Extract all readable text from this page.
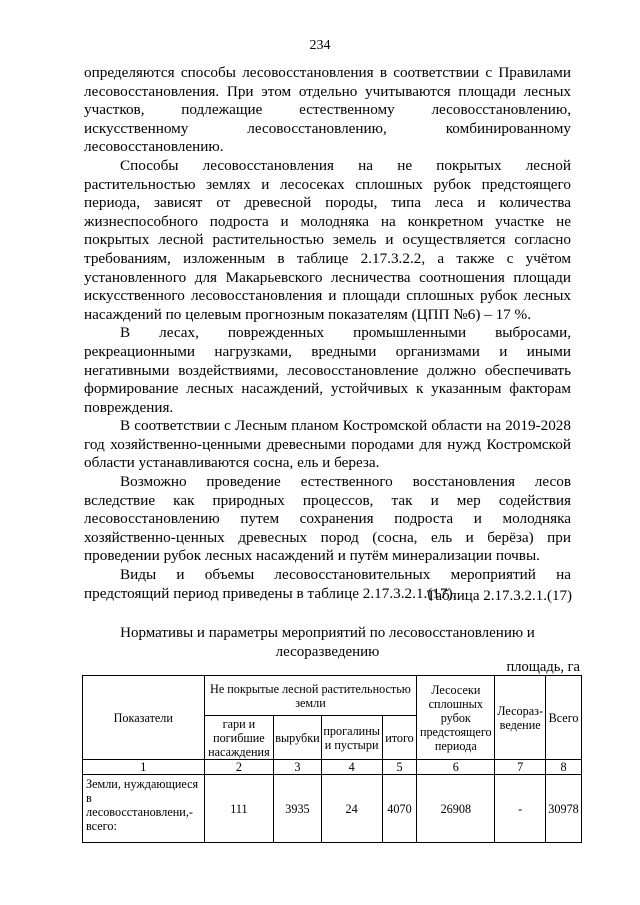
234

определяются способы лесовосстановления в соответствии с Правилами лесовосстановления. При этом отдельно учитываются площади лесных участков, подлежащие естественному лесовосстановлению, искусственному лесовосстановлению, комбинированному лесовосстановлению.

Способы лесовосстановления на не покрытых лесной растительностью землях и лесосеках сплошных рубок предстоящего периода, зависят от древесной породы, типа леса и количества жизнеспособного подроста и молодняка на конкретном участке не покрытых лесной растительностью земель и осуществляется согласно требованиям, изложенным в таблице 2.17.3.2.2, а также с учётом установленного для Макарьевского лесничества соотношения площади искусственного лесовосстановления и площади сплошных рубок лесных насаждений по целевым прогнозным показателям (ЦПП №6) – 17 %.

В лесах, поврежденных промышленными выбросами, рекреационными нагрузками, вредными организмами и иными негативными воздействиями, лесовосстановление должно обеспечивать формирование лесных насаждений, устойчивых к указанным факторам повреждения.

В соответствии с Лесным планом Костромской области на 2019-2028 год хозяйственно-ценными древесными породами для нужд Костромской области устанавливаются сосна, ель и береза.

Возможно проведение естественного восстановления лесов вследствие как природных процессов, так и мер содействия лесовосстановлению путем сохранения подроста и молодняка хозяйственно-ценных древесных пород (сосна, ель и берёза) при проведении рубок лесных насаждений и путём минерализации почвы.

Виды и объемы лесовосстановительных мероприятий на предстоящий период приведены в таблице 2.17.3.2.1.(17).

Таблица 2.17.3.2.1.(17)
Нормативы и параметры мероприятий по лесовосстановлению и лесоразведению
площадь, га
Показатели	Не покрытые лесной растительностью земли				Лесосеки сплошных рубок предстоящего периода	Лесораз-ведение	Всего
	гари и погибшие насаждения	вырубки	прогалины и пустыри	итого			
1	2	3	4	5	6	7	8
Земли, нуждающиеся в лесовосстановлени,-всего:	111	3935	24	4070	26908	-	30978
